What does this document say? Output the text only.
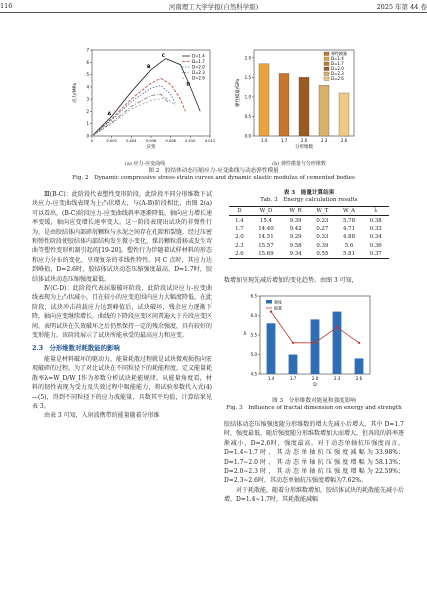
116	河南理工大学学报(自然科学版)	2025 年第 44 卷
0
1
2
3
4
5
6
7
0	0.002	0.004	0.006	0.008	0.010	0.012
应变
应力/MPa
D=1.4
D=1.7
D=2.0
D=2.3
D=2.6
A
B
C
D
(a) 应力-应变曲线
0.0
0.5
1.0
1.5
2.0
1.4	1.7	2.0	2.3	2.6
分形维数
弹性模量/GPa
弹性模量
D=1.4
D=1.7
D=2.0
D=2.3
D=2.6
(b) 弹性模量与分形维数
图 2　胶结体动态压缩应力-应变曲线与动态弹性模量
Fig. 2　Dynamic compressive stress-strain curves and dynamic elastic modulus of cemented bodies

Ⅲ(B-C)：此阶段代表塑性变形阶段，此阶段不同分形维数下试块应力-应变曲线表现为上凸状增大，与(A-B)阶段相比，由图 2(a)可以看出，(B-C)阶段应力-应变曲线斜率逐渐降低，轴向应力增长速率变缓，轴向应变增长速率变大。这一阶段表现出试块的非弹性行为，是由胶结体内部碎屑颗粒与水泥之间存在孔隙和裂缝，经过压密和弹性阶段使胶结体内部结构发生微小变化，煤岩颗粒滑移或发生弯曲等塑性变形机制引起的[19-20]。塑性行为伴随着试样材料的形态和应力分布的变化，呈现复杂的非线性特性。同 C 点时，其应力达到峰值，D=2.6时，胶结体试块动态压缩强度最高，D=1.7时，胶结体试块动态压缩强度最低。

Ⅳ(C-D)：此阶段代表屈服破坏阶段，此阶段试块应力-应变曲线表现为上凸状减小，且在较小的应变范围内应力大幅度降低。在此阶段，试块冲击荷载应力达到峰值后，试块破坏，残余应力逐渐下降，轴向应变继续增长，曲线的下降段应变区间普遍大于升段应变区间，表明试块在失效破坏之后仍然保持一定的残余强度，具有较好的变形能力。该阶段展示了试块所能承受的最高应力和应变。

2.3　分形维数对耗散能的影响

能量是材料破坏的驱动力，能量耗散过程就是试块微观损伤向宏观破碎的过程。为了对比试块在不同粒径下的耗能程度，定义能量耗散率λ=W_D/W_I作为参数分析试块耗能规律。从能量角度看，材料的韧性表现为受力及失效过程中吸能能力，将试验参数代入式(4)—(5)，得到不同粒径下的应力波能量，具数其平均值，计算结果见表 3。

由表 3 可知，入射波携带的能量随着分形维

表 3　能量计算结果
Tab. 3　Energy calculation results
D	W_D	W_R	W_T	W_A	λ
1.4	15.4	9.39	0.23	5.78	0.38
1.7	14.40	9.42	0.27	4.71	0.33
2.0	14.51	9.29	0.33	4.88	0.34
2.3	15.57	9.58	0.39	5.6	0.36
2.6	15.69	9.34	0.55	5.81	0.37

数增加呈现先减后增加的变化趋势。由图 3 可知，

4.5
5.0
5.5
6.0
6.5
1.4	1.7	2.0	2.3	2.6
D
λ
强度
能量
图 3　分形维数对能量和强度影响
Fig. 3　Influence of fractal dimension on energy and strength

胶结体动态压缩强度随分形维数的增大先减小后增大，其中 D=1.7时，强度最低，随后强度随分形维数增加大而增大，但各段的斜率逐渐减小，D=2.6时，强度最高。对于动态单轴抗压强度而言，D=1.4~1.7时，其动态单轴抗压强度减幅为33.98%；D=1.7~2.0时，其动态单轴抗压强度增幅为58.13%；D=2.0~2.3时，其动态单轴抗压强度增幅为22.59%；D=2.3~2.6时，其动态单轴抗压强度增幅为7.62%。

对于耗散能，随着分形维数增加，胶结体试块的耗散能先减小后增，D=1.4~1.7时，其耗散能减幅
